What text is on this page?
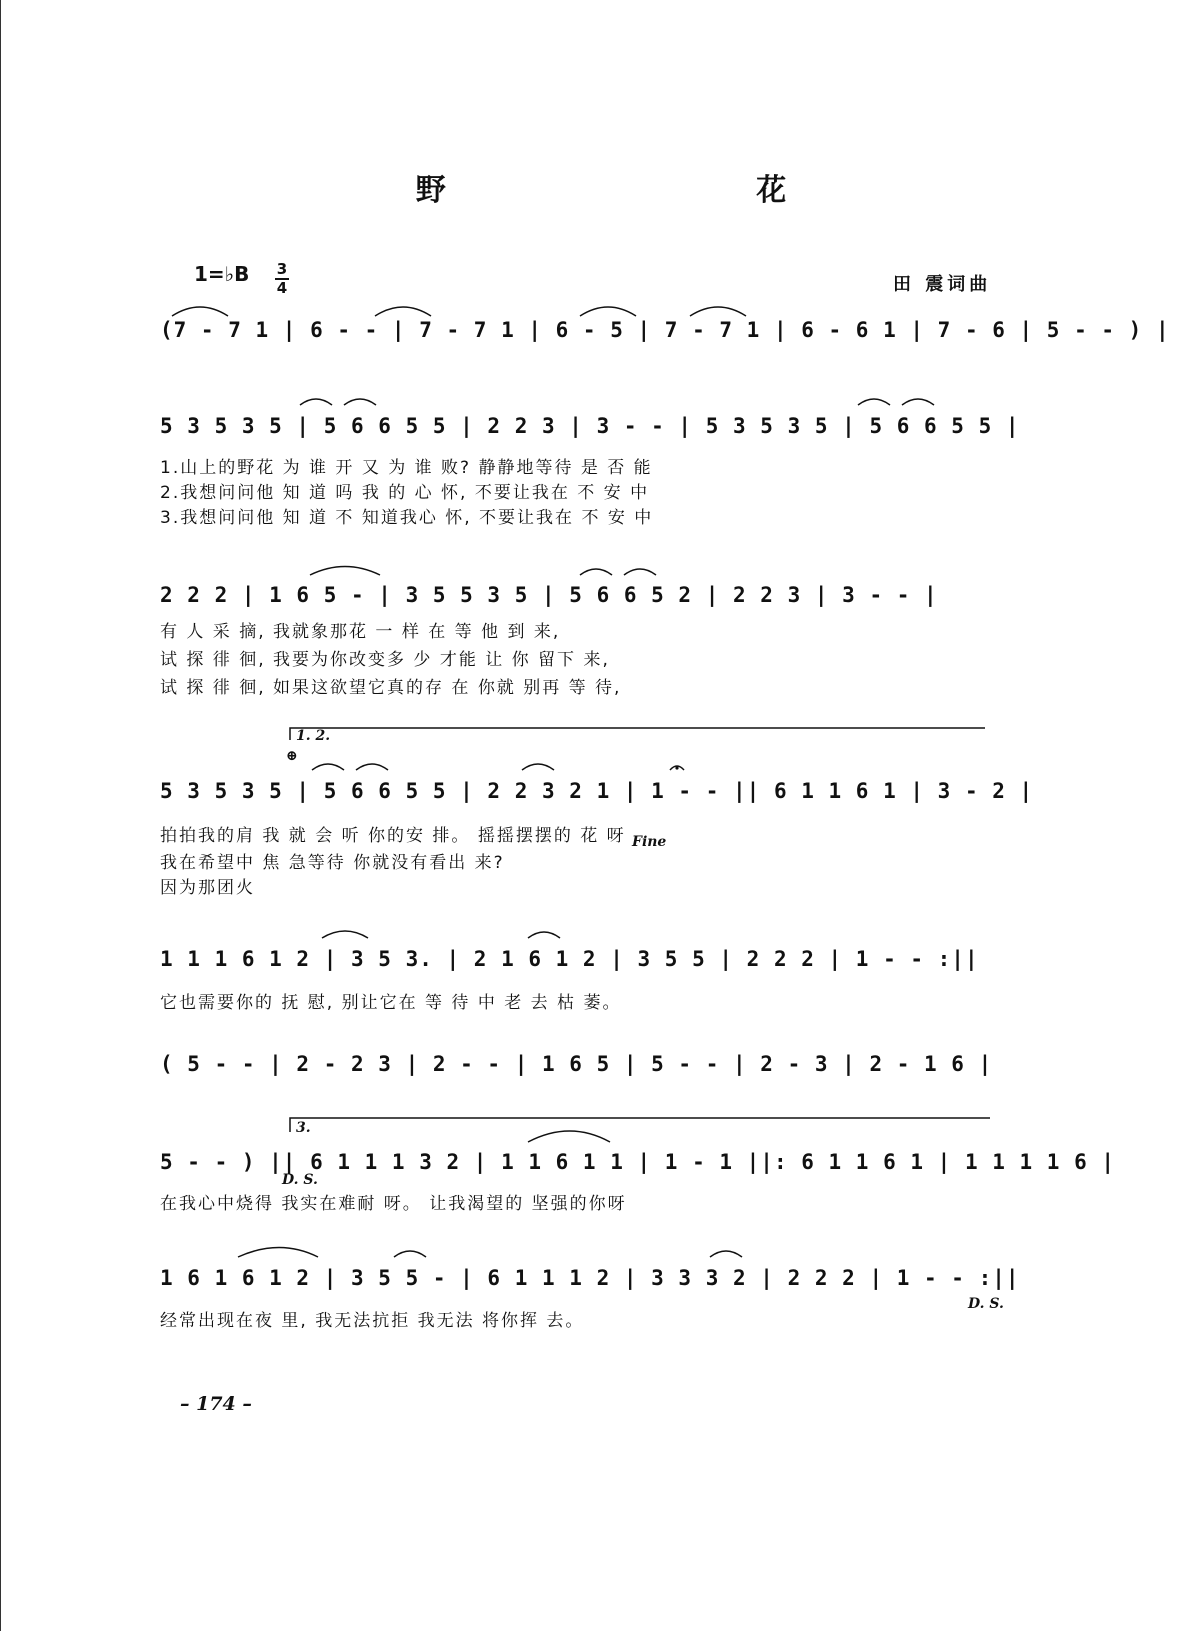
野 花
1=♭B 3
4	田 震词曲
(7 - 7 1 | 6 - - | 7 - 7 1 | 6 - 5 | 7 - 7 1 | 6 - 6 1 | 7 - 6 | 5 - - ) |
5 3 5 3 5 | 5 6 6 5 5 | 2 2 3 | 3 - - | 5 3 5 3 5 | 5 6 6 5 5 |
1.山上的野花 为 谁 开 又 为 谁 败? 静静地等待 是 否 能
2.我想问问他 知 道 吗 我 的 心 怀, 不要让我在 不 安 中
3.我想问问他 知 道 不 知道我心 怀, 不要让我在 不 安 中
2 2 2 | 1 6 5 - | 3 5 5 3 5 | 5 6 6 5 2 | 2 2 3 | 3 - - |
有 人 采 摘, 我就象那花 一 样 在 等 他 到 来,
试 探 徘 徊, 我要为你改变多 少 才能 让 你 留下 来,
试 探 徘 徊, 如果这欲望它真的存 在 你就 别再 等 待,
1. 2.
⊕
5 3 5 3 5 | 5 6 6 5 5 | 2 2 3 2 1 | 1 - - || 6 1 1 6 1 | 3 - 2 |
拍拍我的肩 我 就 会 听 你的安 排。 摇摇摆摆的 花 呀
我在希望中 焦 急等待 你就没有看出 来?
因为那团火
Fine
1 1 1 6 1 2 | 3 5 3. | 2 1 6 1 2 | 3 5 5 | 2 2 2 | 1 - - :||
它也需要你的 抚 慰, 别让它在 等 待 中 老 去 枯 萎。
( 5 - - | 2 - 2 3 | 2 - - | 1 6 5 | 5 - - | 2 - 3 | 2 - 1 6 |
3.
5 - - ) || 6 1 1 1 3 2 | 1 1 6 1 1 | 1 - 1 ||: 6 1 1 6 1 | 1 1 1 1 6 |
D. S.
在我心中烧得 我实在难耐 呀。 让我渴望的 坚强的你呀
1 6 1 6 1 2 | 3 5 5 - | 6 1 1 1 2 | 3 3 3 2 | 2 2 2 | 1 - - :||
D. S.
经常出现在夜 里, 我无法抗拒 我无法 将你挥 去。
– 174 –
